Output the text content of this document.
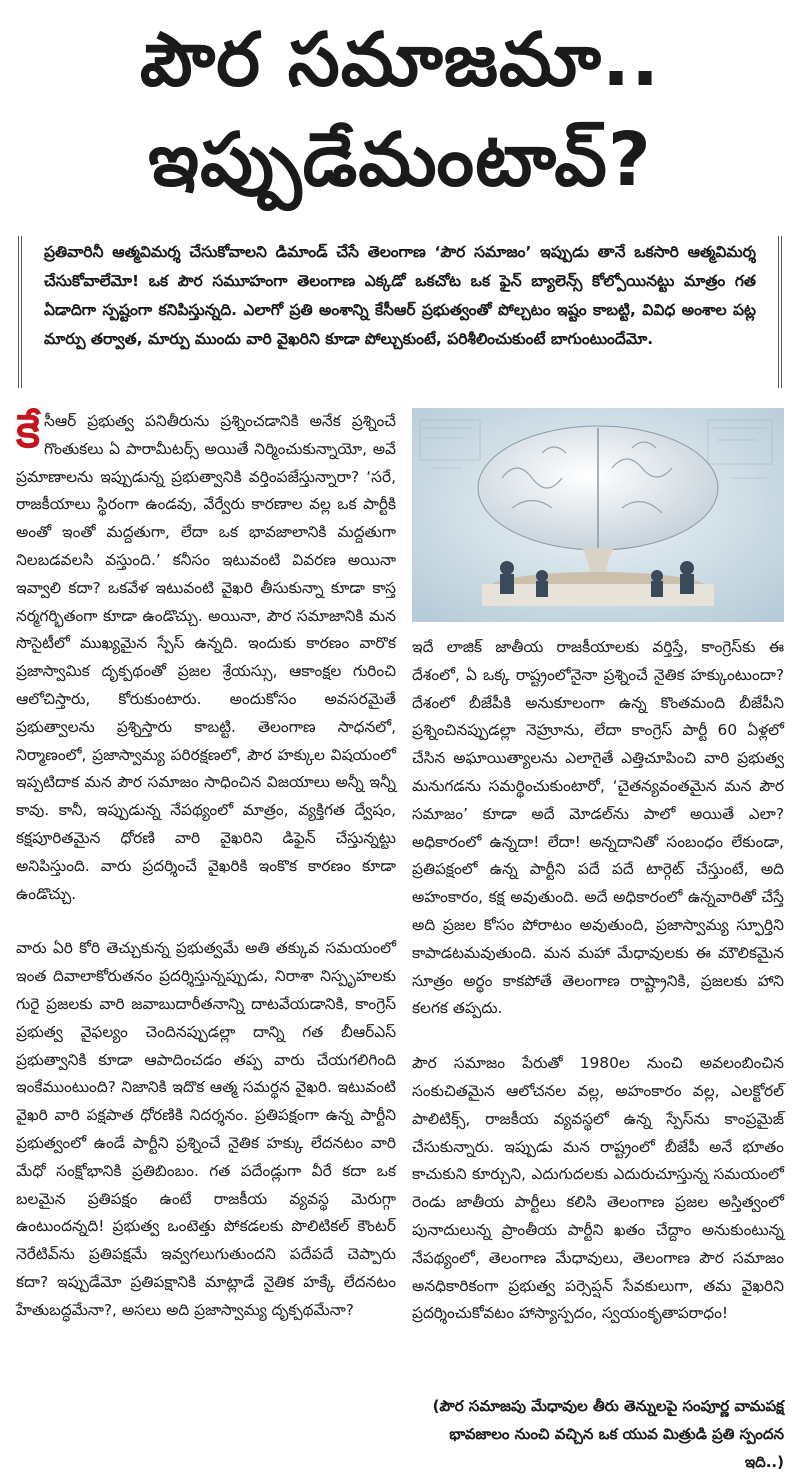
పౌర సమాజమా..
ఇప్పుడేమంటావ్?

ప్రతివారినీ ఆత్మవిమర్శ చేసుకోవాలని డిమాండ్ చేసే తెలంగాణ ‘పౌర సమాజం’ ఇప్పుడు తానే ఒకసారి ఆత్మవిమర్శ చేసుకోవాలేమో! ఒక పౌర సమూహంగా తెలంగాణ ఎక్కడో ఒకచోట ఒక ఫైన్ బ్యాలెన్స్ కోల్పోయినట్టు మాత్రం గత ఏడాదిగా స్పష్టంగా కనిపిస్తున్నది. ఎలాగో ప్రతి అంశాన్ని కేసీఆర్ ప్రభుత్వంతో పోల్చటం ఇష్టం కాబట్టి, వివిధ అంశాల పట్ల మార్పు తర్వాత, మార్పు ముందు వారి వైఖరిని కూడా పోల్చుకుంటే, పరిశీలించుకుంటే బాగుంటుందేమో.

కేసీఆర్ ప్రభుత్వ పనితీరును ప్రశ్నించడానికి అనేక ప్రశ్నించే గొంతుకలు ఏ పారామీటర్స్ అయితే నిర్మించుకున్నాయో, అవే ప్రమాణాలను ఇప్పుడున్న ప్రభుత్వానికి వర్తింపజేస్తున్నారా? ‘సరే, రాజకీయాలు స్థిరంగా ఉండవు, వేర్వేరు కారణాల వల్ల ఒక పార్టీకి అంతో ఇంతో మద్దతుగా, లేదా ఒక భావజాలానికి మద్దతుగా నిలబడవలసి వస్తుంది.’ కనీసం ఇటువంటి వివరణ అయినా ఇవ్వాలి కదా? ఒకవేళ ఇటువంటి వైఖరి తీసుకున్నా కూడా కాస్త నర్మగర్భితంగా కూడా ఉండొచ్చు. అయినా, పౌర సమాజానికి మన సొసైటీలో ముఖ్యమైన స్పేస్ ఉన్నది. ఇందుకు కారణం వారొక ప్రజాస్వామిక దృక్పథంతో ప్రజల శ్రేయస్సు, ఆకాంక్షల గురించి ఆలోచిస్తారు, కోరుకుంటారు. అందుకోసం అవసరమైతే ప్రభుత్వాలను ప్రశ్నిస్తారు కాబట్టి. తెలంగాణ సాధనలో, నిర్మాణంలో, ప్రజాస్వామ్య పరిరక్షణలో, పౌర హక్కుల విషయంలో ఇప్పటిదాక మన పౌర సమాజం సాధించిన విజయాలు అన్నీ ఇన్నీ కావు. కానీ, ఇప్పుడున్న నేపథ్యంలో మాత్రం, వ్యక్తిగత ద్వేషం, కక్షపూరితమైన ధోరణి వారి వైఖరిని డిఫైన్ చేస్తున్నట్టు అనిపిస్తుంది. వారు ప్రదర్శించే వైఖరికి ఇంకొక కారణం కూడా ఉండొచ్చు.

వారు ఏరి కోరి తెచ్చుకున్న ప్రభుత్వమే అతి తక్కువ సమయంలో ఇంత దివాలాకోరుతనం ప్రదర్శిస్తున్నప్పుడు, నిరాశా నిస్పృహలకు గురై ప్రజలకు వారి జవాబుదారీతనాన్ని దాటవేయడానికి, కాంగ్రెస్ ప్రభుత్వ వైఫల్యం చెందినప్పుడల్లా దాన్ని గత బీఆర్ఎస్ ప్రభుత్వానికి కూడా ఆపాదించడం తప్ప వారు చేయగలిగింది ఇంకేముంటుంది? నిజానికి ఇదొక ఆత్మ సమర్థన వైఖరి. ఇటువంటి వైఖరి వారి పక్షపాత ధోరణికి నిదర్శనం. ప్రతిపక్షంగా ఉన్న పార్టీని ప్రభుత్వంలో ఉండే పార్టీని ప్రశ్నించే నైతిక హక్కు లేదనటం వారి మేధో సంక్షోభానికి ప్రతిబింబం. గత పదేండ్లుగా వీరే కదా ఒక బలమైన ప్రతిపక్షం ఉంటే రాజకీయ వ్యవస్థ మెరుగ్గా ఉంటుందన్నది! ప్రభుత్వ ఒంటెత్తు పోకడలకు పొలిటికల్ కౌంటర్ నెరేటివ్‌ను ప్రతిపక్షమే ఇవ్వగలుగుతుందని పదేపదే చెప్పారు కదా? ఇప్పుడేమో ప్రతిపక్షానికి మాట్లాడే నైతిక హక్కే లేదనటం హేతుబద్ధమేనా?, అసలు అది ప్రజాస్వామ్య దృక్పథమేనా?

ఇదే లాజిక్ జాతీయ రాజకీయాలకు వర్తిస్తే, కాంగ్రెస్‌కు ఈ దేశంలో, ఏ ఒక్క రాష్ట్రంలోనైనా ప్రశ్నించే నైతిక హక్కుంటుందా? దేశంలో బీజేపీకి అనుకూలంగా ఉన్న కొంతమంది బీజేపీని ప్రశ్నించినప్పుడల్లా నెహ్రూను, లేదా కాంగ్రెస్ పార్టీ 60 ఏళ్లలో చేసిన అఘాయిత్యాలను ఎలాగైతే ఎత్తిచూపించి వారి ప్రభుత్వ మనుగడను సమర్థించుకుంటారో, ‘చైతన్యవంతమైన మన పౌర సమాజం’ కూడా అదే మోడల్‌ను పాలో అయితే ఎలా? అధికారంలో ఉన్నదా! లేదా! అన్నదానితో సంబంధం లేకుండా, ప్రతిపక్షంలో ఉన్న పార్టీని పదే పదే టార్గెట్ చేస్తుంటే, అది అహంకారం, కక్ష అవుతుంది. అదే అధికారంలో ఉన్నవారితో చేస్తే అది ప్రజల కోసం పోరాటం అవుతుంది, ప్రజాస్వామ్య స్ఫూర్తిని కాపాడటమవుతుంది. మన మహా మేధావులకు ఈ మౌలికమైన సూత్రం అర్థం కాకపోతే తెలంగాణ రాష్ట్రానికి, ప్రజలకు హాని కలగక తప్పదు.

పౌర సమాజం పేరుతో 1980ల నుంచి అవలంబించిన సంకుచితమైన ఆలోచనల వల్ల, అహంకారం వల్ల, ఎలక్టోరల్ పాలిటిక్స్, రాజకీయ వ్యవస్థలో ఉన్న స్పేస్‌ను కాంప్రమైజ్ చేసుకున్నారు. ఇప్పుడు మన రాష్ట్రంలో బీజేపీ అనే భూతం కాచుకుని కూర్చుని, ఎదుగుదలకు ఎదురుచూస్తున్న సమయంలో రెండు జాతీయ పార్టీలు కలిసి తెలంగాణ ప్రజల అస్తిత్వంలో పునాదులున్న ప్రాంతీయ పార్టీని ఖతం చేద్దాం అనుకుంటున్న నేపథ్యంలో, తెలంగాణ మేధావులు, తెలంగాణ పౌర సమాజం అనధికారికంగా ప్రభుత్వ పర్సెప్షన్ సేవకులుగా, తమ వైఖరిని ప్రదర్శించుకోవటం హాస్యాస్పదం, స్వయంకృతాపరాధం!

(పౌర సమాజపు మేధావుల తీరు తెన్నులపై సంపూర్ణ వామపక్ష భావజాలం నుంచి వచ్చిన ఒక యువ మిత్రుడి ప్రతి స్పందన ఇది..)
